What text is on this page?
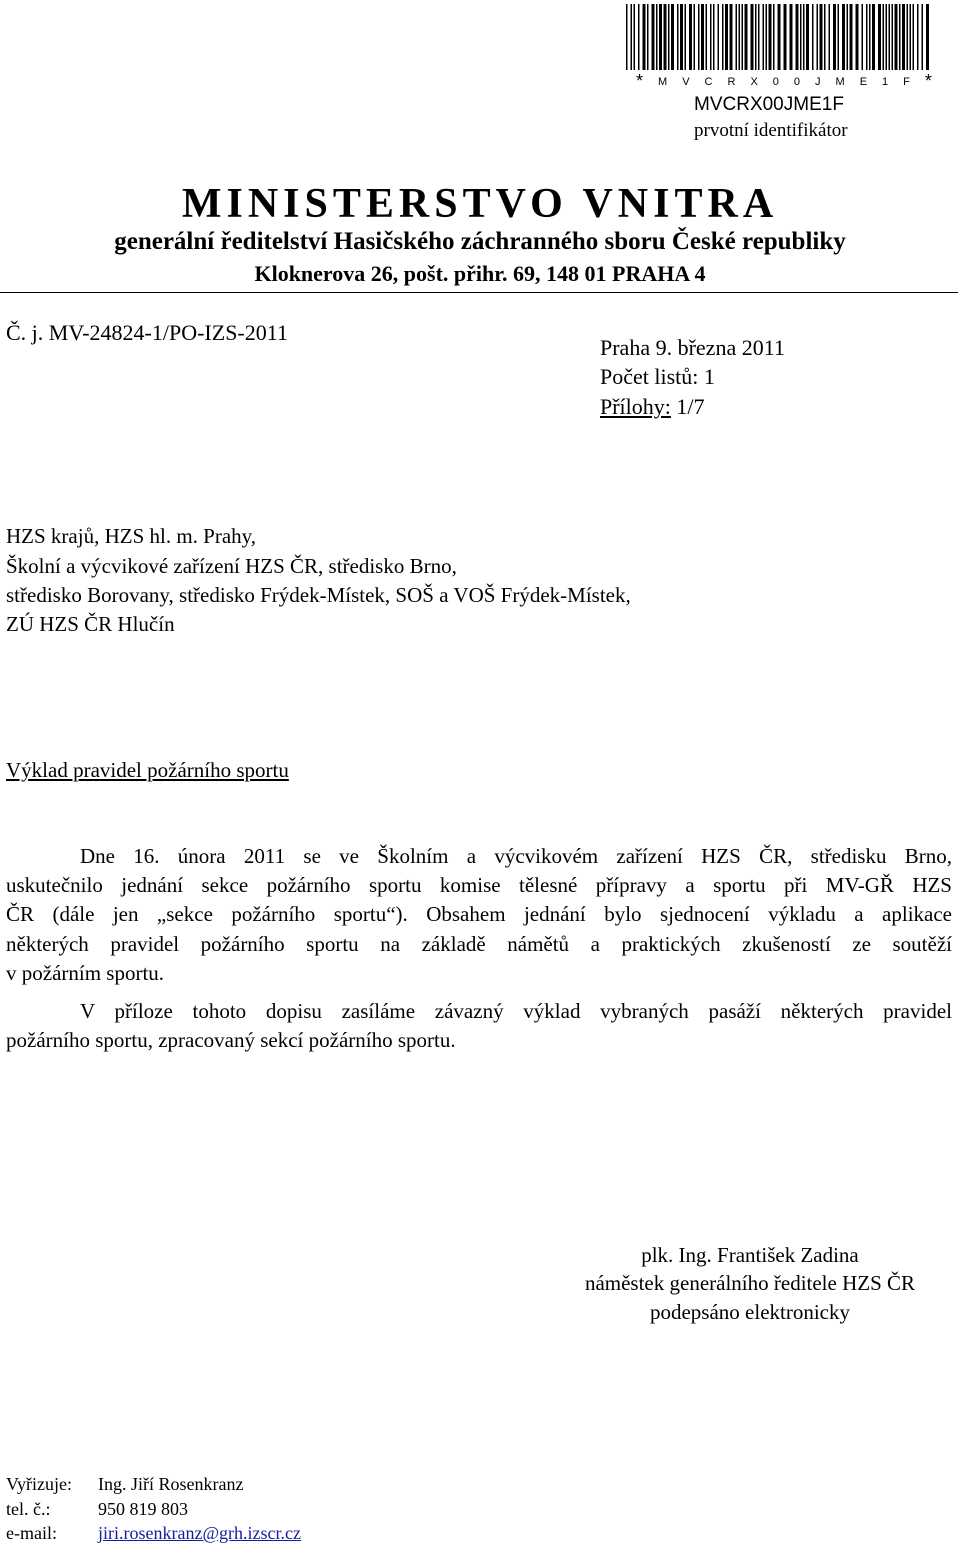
* M V C R X 0 0 J M E 1 F *
MVCRX00JME1F
prvotní identifikátor
MINISTERSTVO VNITRA
generální ředitelství Hasičského záchranného sboru České republiky
Kloknerova 26, pošt. přihr. 69, 148 01 PRAHA 4
Č. j. MV-24824-1/PO-IZS-2011
Praha 9. března 2011
Počet listů: 1
Přílohy: 1/7
HZS krajů, HZS hl. m. Prahy,
Školní a výcvikové zařízení HZS ČR, středisko Brno,
středisko Borovany, středisko Frýdek-Místek, SOŠ a VOŠ Frýdek-Místek,
ZÚ HZS ČR Hlučín
Výklad pravidel požárního sportu
Dne 16. února 2011 se ve Školním a výcvikovém zařízení HZS ČR, středisku Brno,
uskutečnilo jednání sekce požárního sportu komise tělesné přípravy a sportu při MV-GŘ HZS
ČR (dále jen „sekce požárního sportu“). Obsahem jednání bylo sjednocení výkladu a aplikace
některých pravidel požárního sportu na základě námětů a praktických zkušeností ze soutěží
v požárním sportu.
V příloze tohoto dopisu zasíláme závazný výklad vybraných pasáží některých pravidel
požárního sportu, zpracovaný sekcí požárního sportu.
plk. Ing. František Zadina
náměstek generálního ředitele HZS ČR
podepsáno elektronicky
Vyřizuje: Ing. Jiří Rosenkranz
tel. č.:	950 819 803
e-mail: jiri.rosenkranz@grh.izscr.cz
